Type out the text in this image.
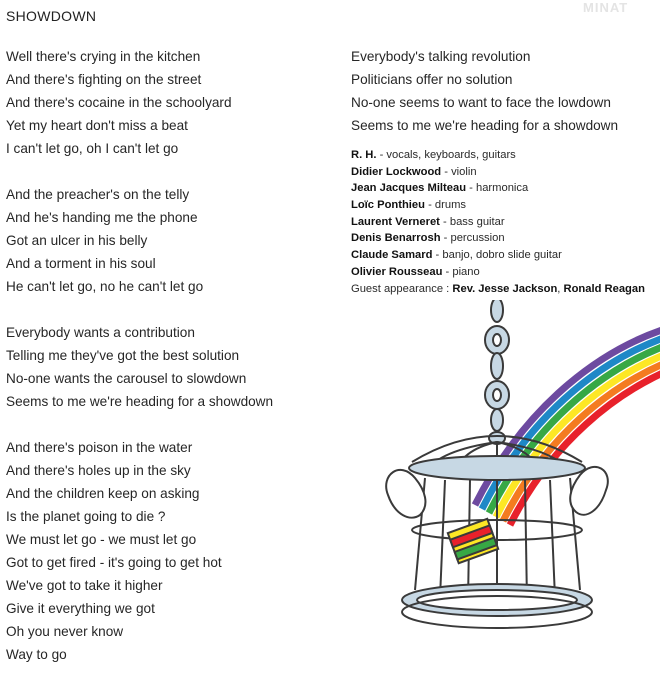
SHOWDOWN
MINAT
Well there's crying in the kitchen
And there's fighting on the street
And there's cocaine in the schoolyard
Yet my heart don't miss a beat
I can't let go, oh I can't let go
And the preacher's on the telly
And he's handing me the phone
Got an ulcer in his belly
And a torment in his soul
He can't let go, no he can't let go
Everybody wants a contribution
Telling me they've got the best solution
No-one wants the carousel to slowdown
Seems to me we're heading for a showdown
And there's poison in the water
And there's holes up in the sky
And the children keep on asking
Is the planet going to die ?
We must let go - we must let go
Got to get fired - it's going to get hot
We've got to take it higher
Give it everything we got
Oh you never know
Way to go
Everybody's talking revolution
Politicians offer no solution
No-one seems to want to face the lowdown
Seems to me we're heading for a showdown
R. H. - vocals, keyboards, guitars
Didier Lockwood - violin
Jean Jacques Milteau - harmonica
Loïc Ponthieu - drums
Laurent Verneret - bass guitar
Denis Benarrosh - percussion
Claude Samard - banjo, dobro slide guitar
Olivier Rousseau - piano
Guest appearance : Rev. Jesse Jackson, Ronald Reagan
